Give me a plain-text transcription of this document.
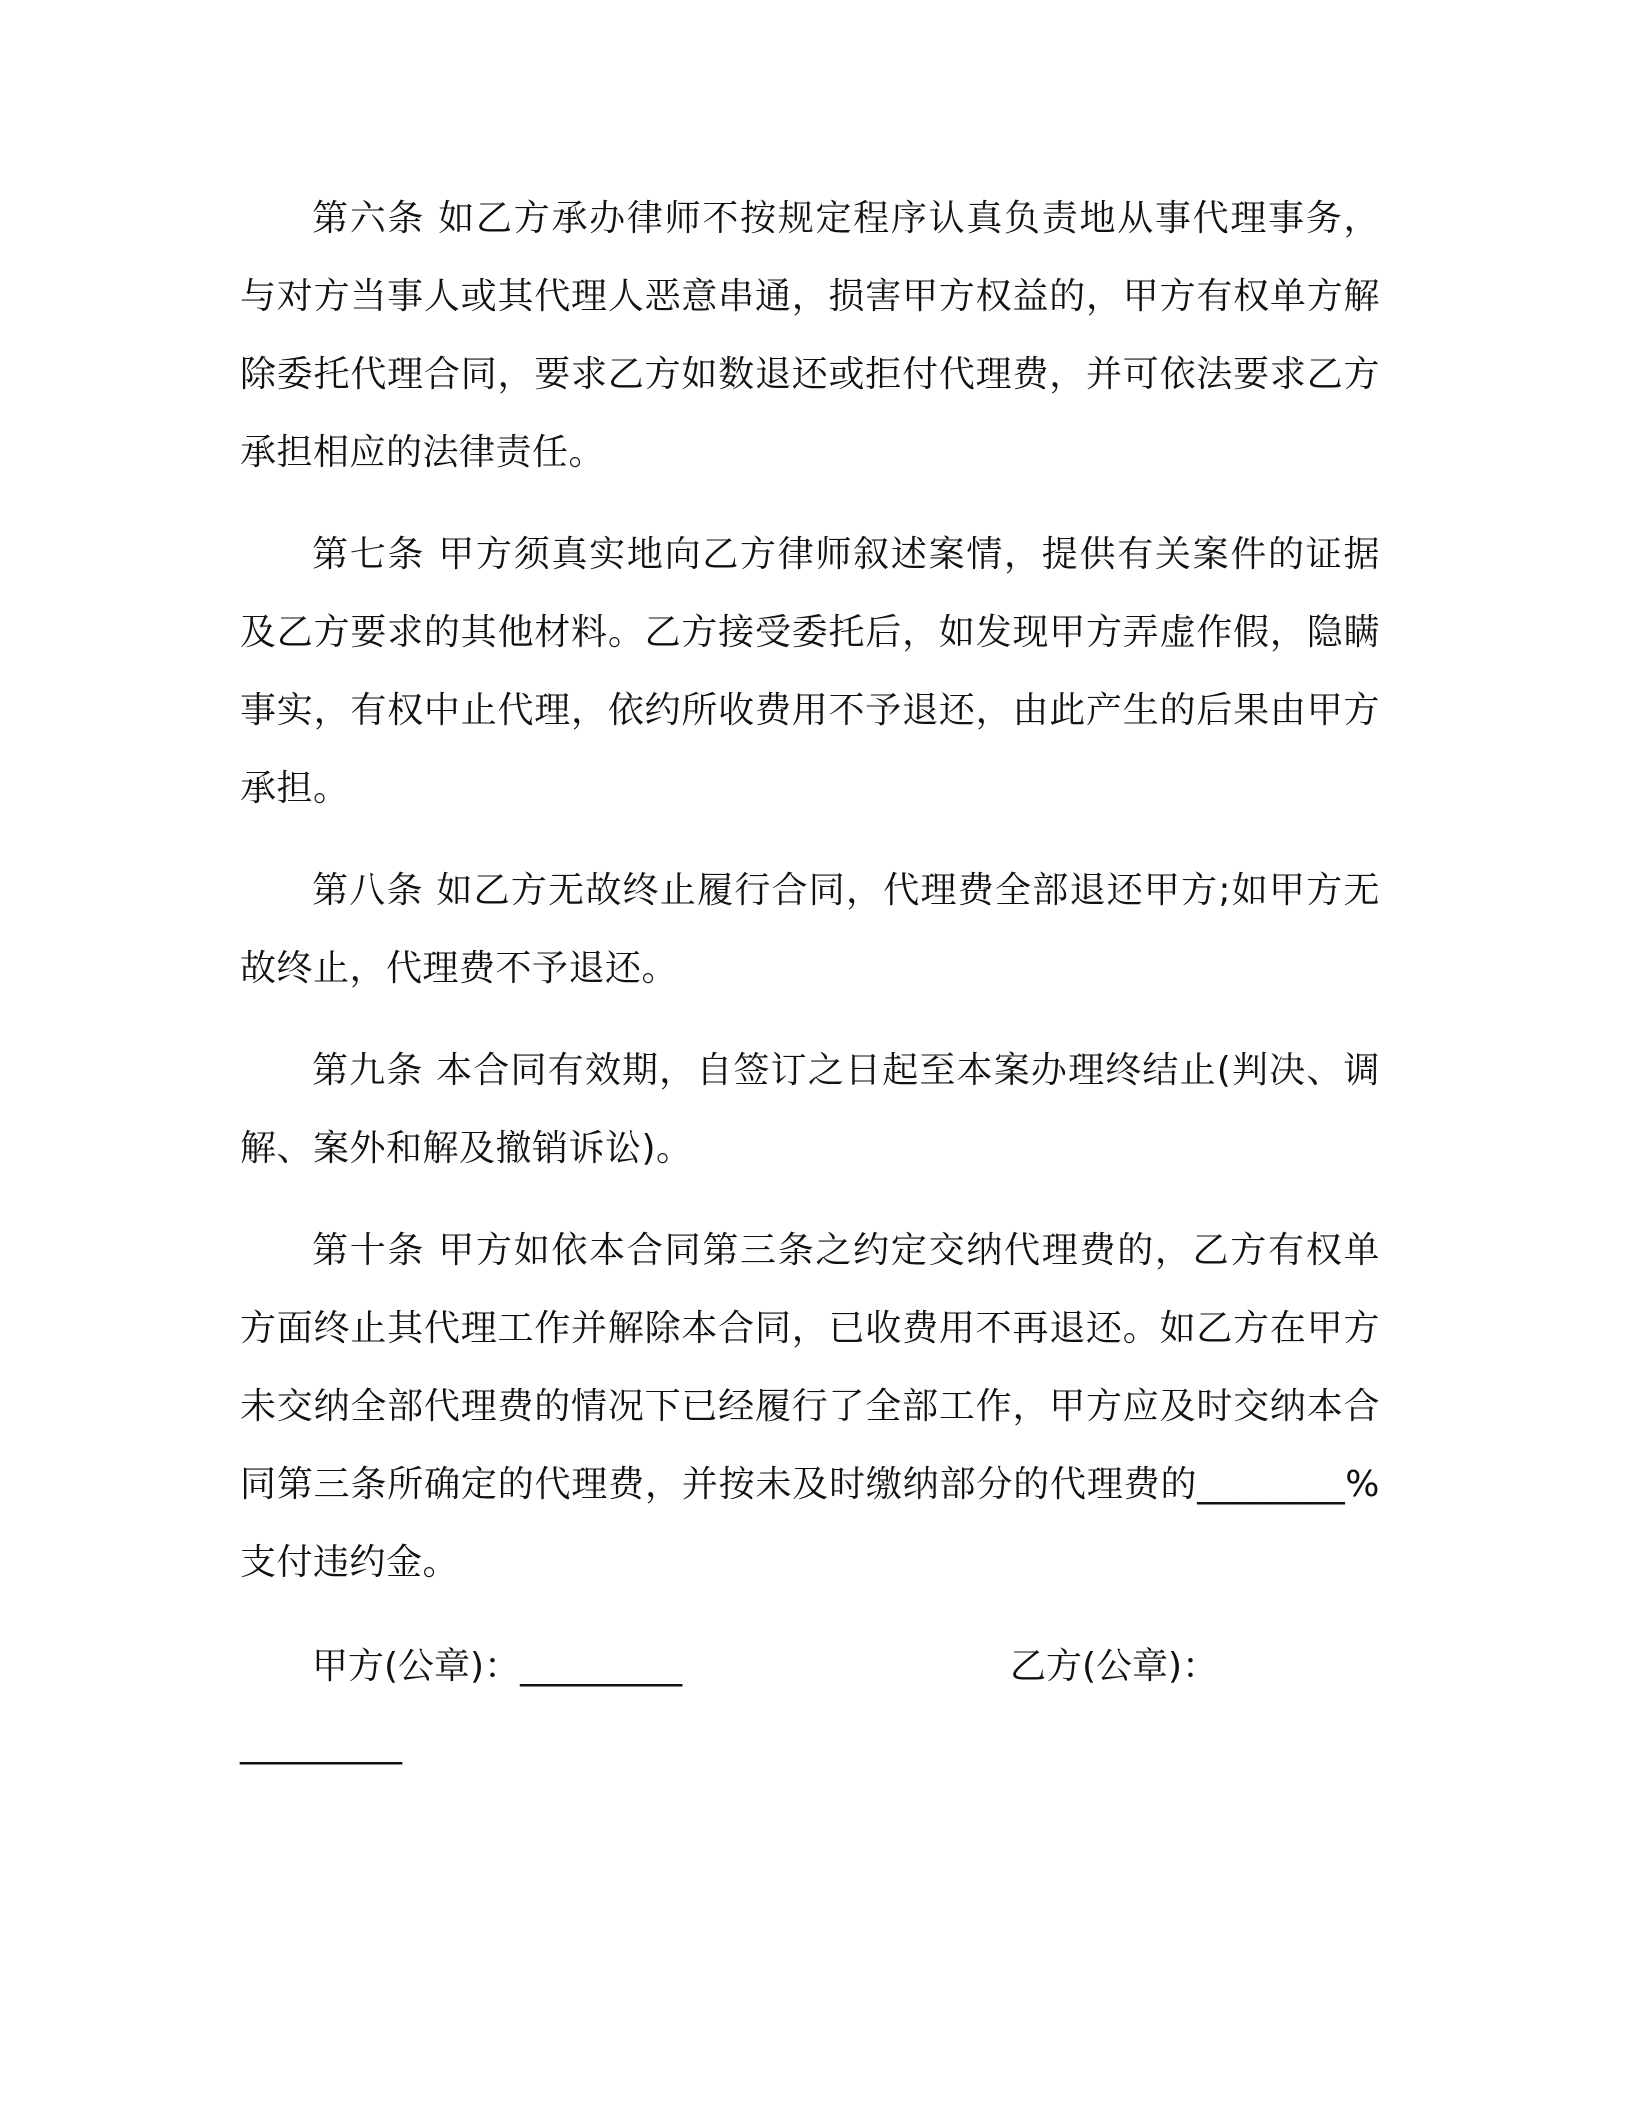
第六条 如乙方承办律师不按规定程序认真负责地从事代理事务，与对方当事人或其代理人恶意串通，损害甲方权益的，甲方有权单方解除委托代理合同，要求乙方如数退还或拒付代理费，并可依法要求乙方承担相应的法律责任。

第七条 甲方须真实地向乙方律师叙述案情，提供有关案件的证据及乙方要求的其他材料。乙方接受委托后，如发现甲方弄虚作假，隐瞒事实，有权中止代理，依约所收费用不予退还，由此产生的后果由甲方承担。

第八条 如乙方无故终止履行合同，代理费全部退还甲方;如甲方无故终止，代理费不予退还。

第九条 本合同有效期，自签订之日起至本案办理终结止(判决、调解、案外和解及撤销诉讼)。

第十条 甲方如依本合同第三条之约定交纳代理费的，乙方有权单方面终止其代理工作并解除本合同，已收费用不再退还。如乙方在甲方未交纳全部代理费的情况下已经履行了全部工作，甲方应及时交纳本合同第三条所确定的代理费，并按未及时缴纳部分的代理费的________%支付违约金。

甲方(公章)：_________	乙方(公章)：
_________
